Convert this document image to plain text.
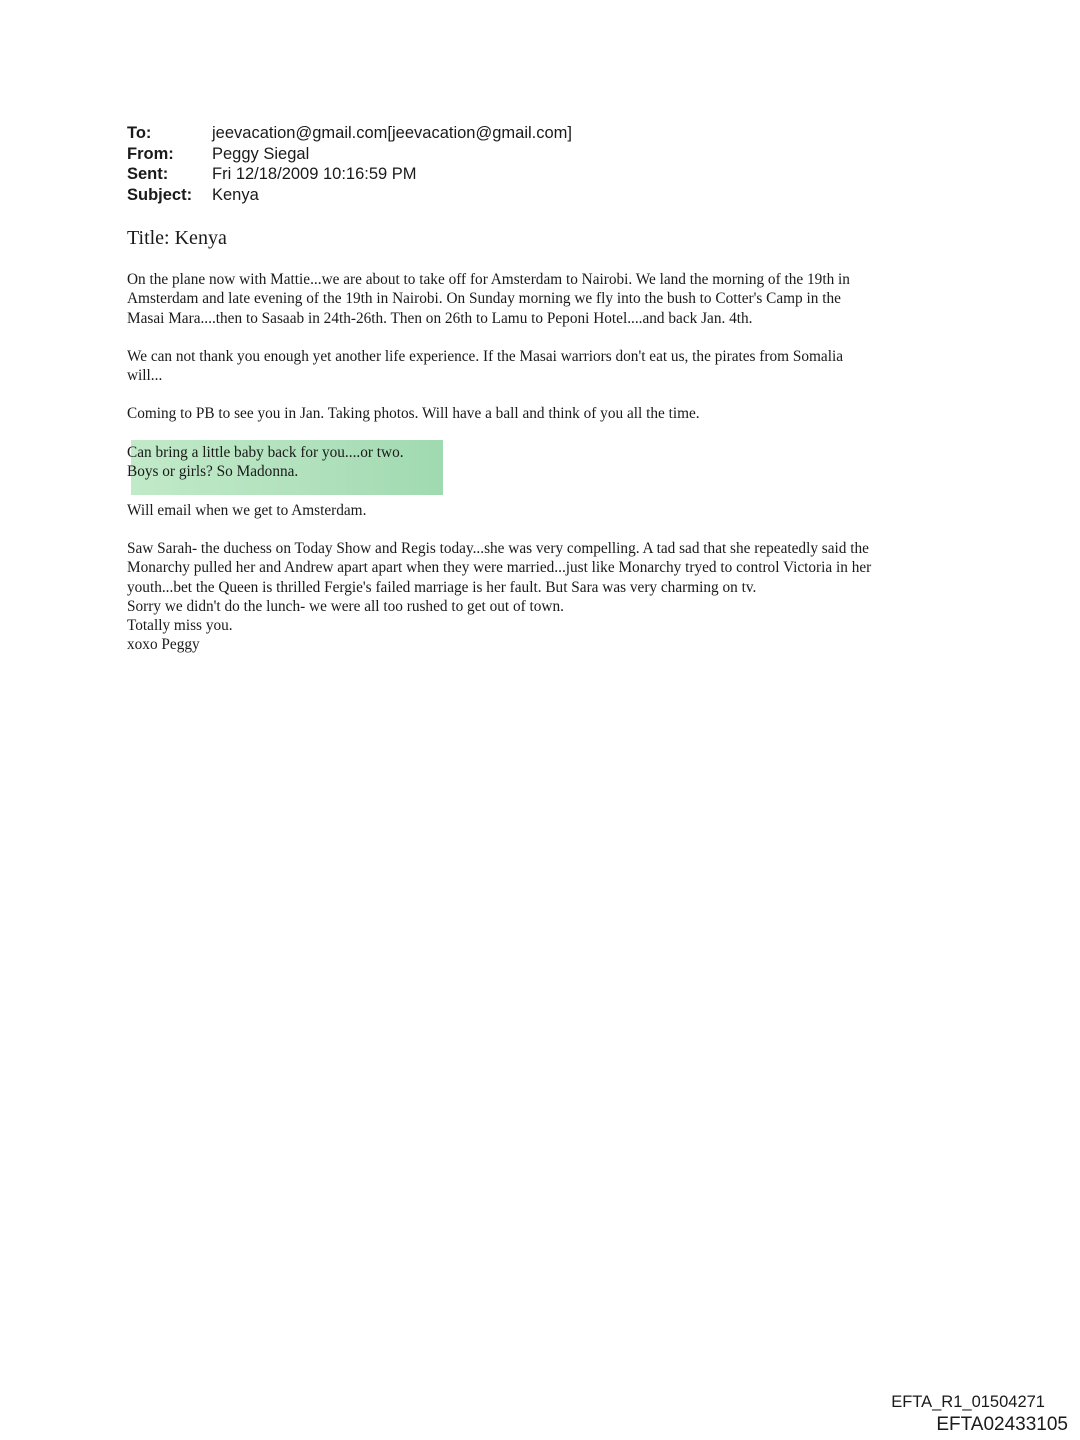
To:	jeevacation@gmail.com[jeevacation@gmail.com]
From:	Peggy Siegal
Sent:	Fri 12/18/2009 10:16:59 PM
Subject:	Kenya
Title: Kenya
On the plane now with Mattie...we are about to take off for Amsterdam to Nairobi. We land the morning of the 19th in
Amsterdam and late evening of the 19th in Nairobi. On Sunday morning we fly into the bush to Cotter's Camp in the
Masai Mara....then to Sasaab in 24th-26th. Then on 26th to Lamu to Peponi Hotel....and back Jan. 4th.
We can not thank you enough yet another life experience. If the Masai warriors don't eat us, the pirates from Somalia
will...
Coming to PB to see you in Jan. Taking photos. Will have a ball and think of you all the time.
Can bring a little baby back for you....or two.
Boys or girls? So Madonna.
Will email when we get to Amsterdam.
Saw Sarah- the duchess on Today Show and Regis today...she was very compelling. A tad sad that she repeatedly said the
Monarchy pulled her and Andrew apart apart when they were married...just like Monarchy tryed to control Victoria in her
youth...bet the Queen is thrilled Fergie's failed marriage is her fault. But Sara was very charming on tv.
Sorry we didn't do the lunch- we were all too rushed to get out of town.
Totally miss you.
xoxo Peggy
EFTA_R1_01504271
EFTA02433105
